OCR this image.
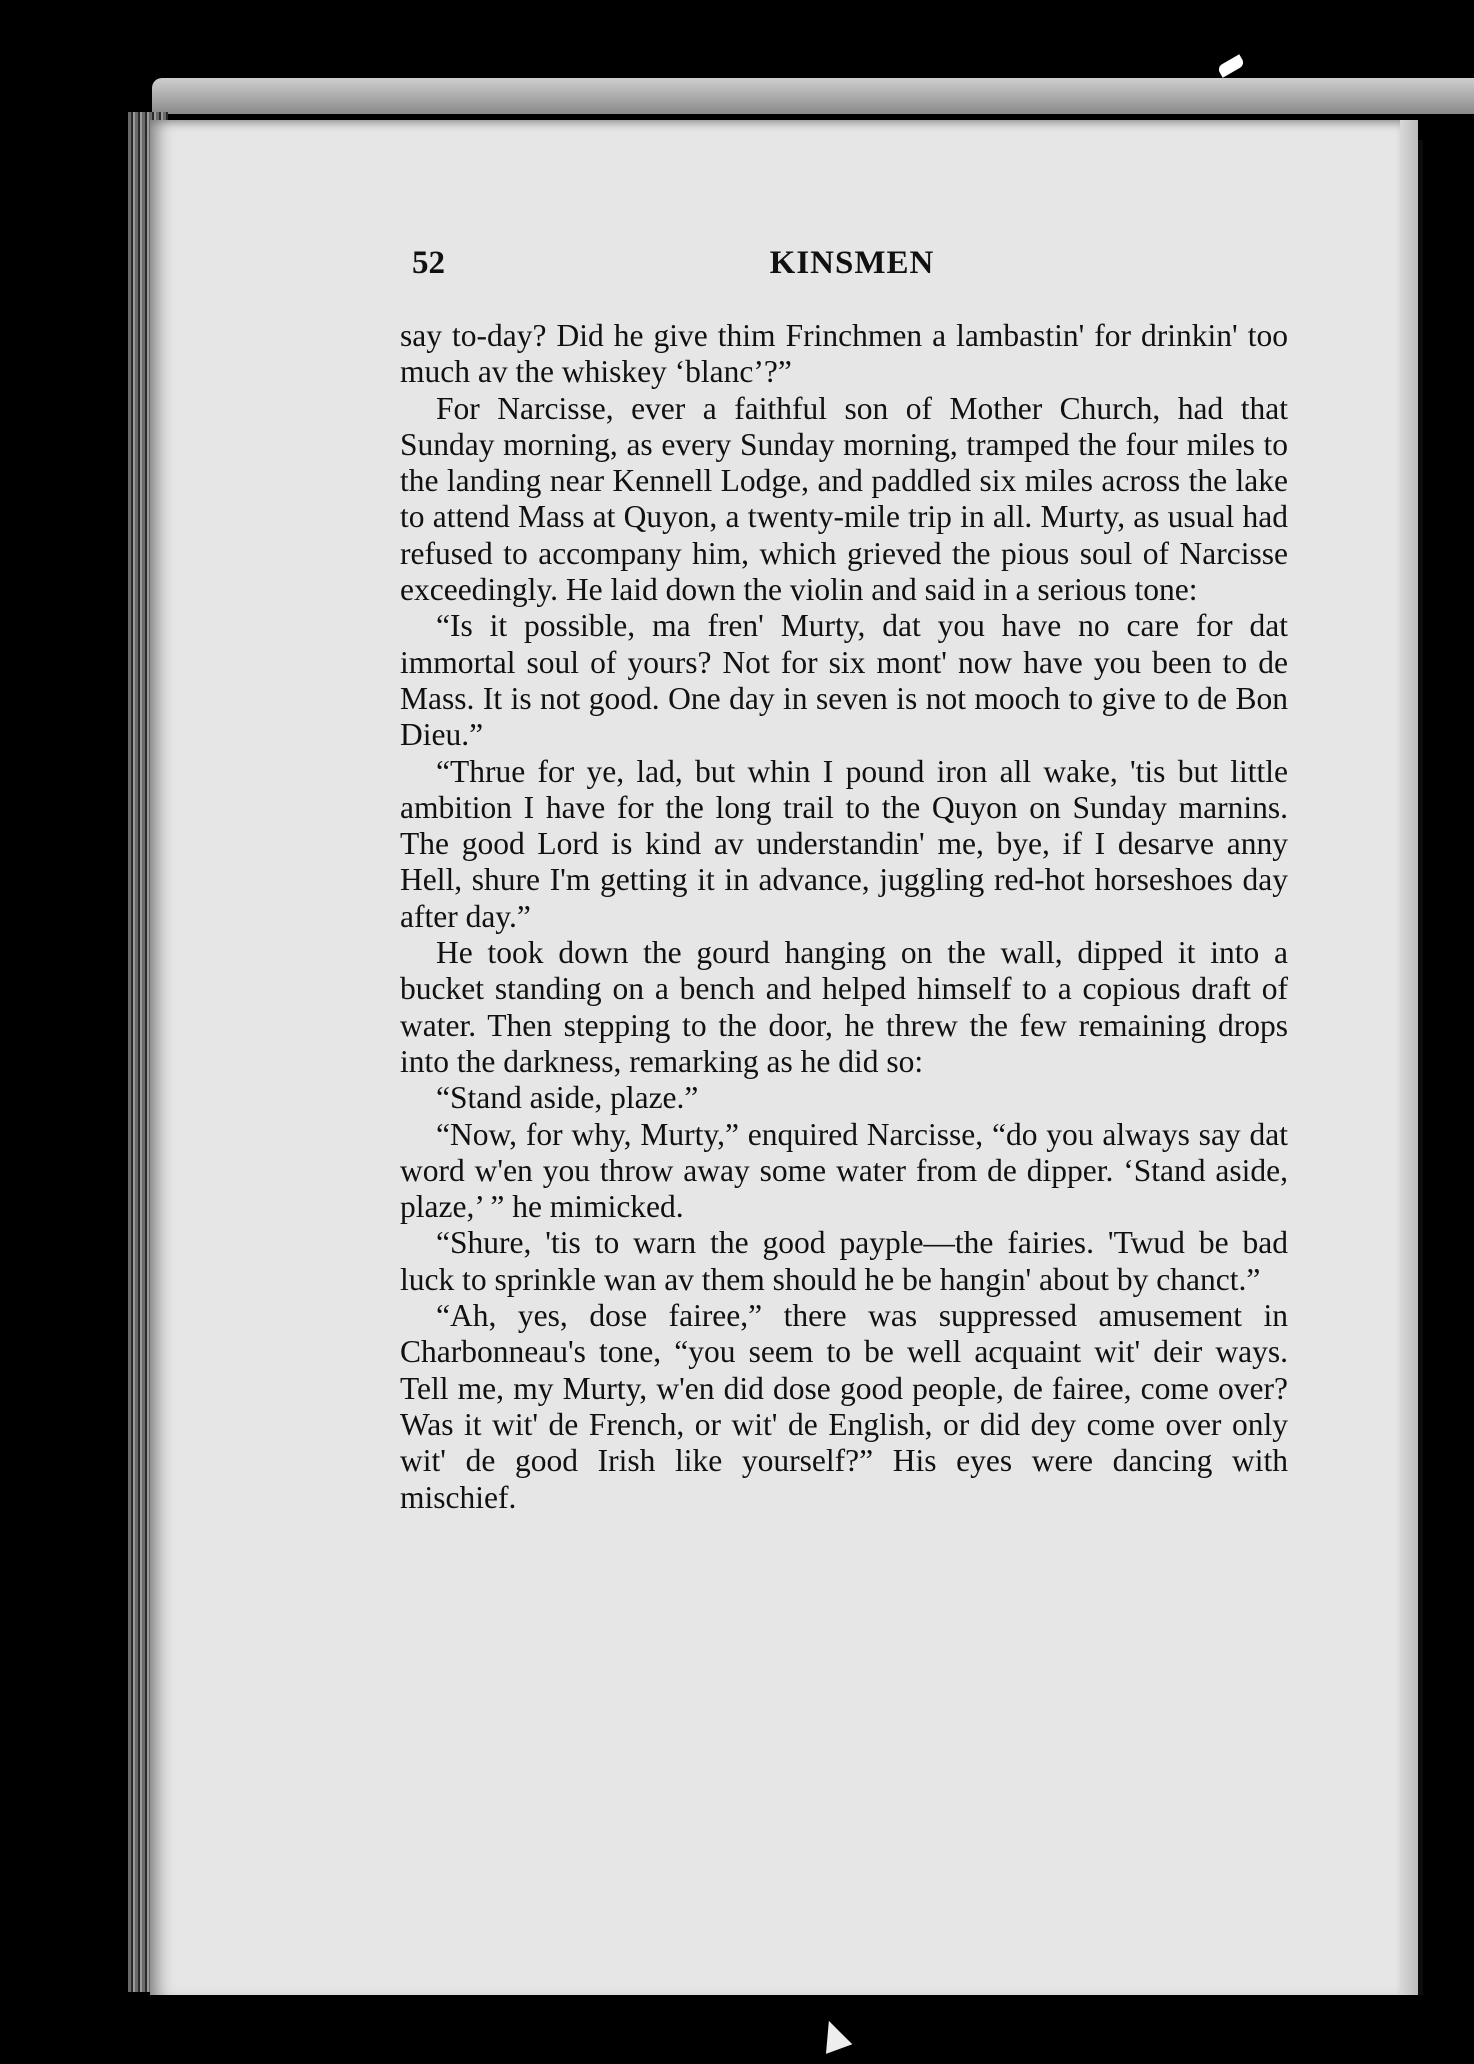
52	KINSMEN

say to-day? Did he give thim Frinchmen a lambastin' for drinkin' too much av the whiskey ‘blanc’?”

For Narcisse, ever a faithful son of Mother Church, had that Sunday morning, as every Sunday morning, tramped the four miles to the landing near Kennell Lodge, and paddled six miles across the lake to attend Mass at Quyon, a twenty-mile trip in all. Murty, as usual had refused to accompany him, which grieved the pious soul of Narcisse exceedingly. He laid down the violin and said in a serious tone:

“Is it possible, ma fren' Murty, dat you have no care for dat immortal soul of yours? Not for six mont' now have you been to de Mass. It is not good. One day in seven is not mooch to give to de Bon Dieu.”

“Thrue for ye, lad, but whin I pound iron all wake, 'tis but little ambition I have for the long trail to the Quyon on Sunday marnins. The good Lord is kind av understandin' me, bye, if I desarve anny Hell, shure I'm getting it in advance, juggling red-hot horseshoes day after day.”

He took down the gourd hanging on the wall, dipped it into a bucket standing on a bench and helped himself to a copious draft of water. Then stepping to the door, he threw the few remaining drops into the darkness, remarking as he did so:

“Stand aside, plaze.”

“Now, for why, Murty,” enquired Narcisse, “do you always say dat word w'en you throw away some water from de dipper. ‘Stand aside, plaze,’ ” he mimicked.

“Shure, 'tis to warn the good payple—the fairies. 'Twud be bad luck to sprinkle wan av them should he be hangin' about by chanct.”

“Ah, yes, dose fairee,” there was suppressed amusement in Charbonneau's tone, “you seem to be well acquaint wit' deir ways. Tell me, my Murty, w'en did dose good people, de fairee, come over? Was it wit' de French, or wit' de English, or did dey come over only wit' de good Irish like yourself?” His eyes were dancing with mischief.
